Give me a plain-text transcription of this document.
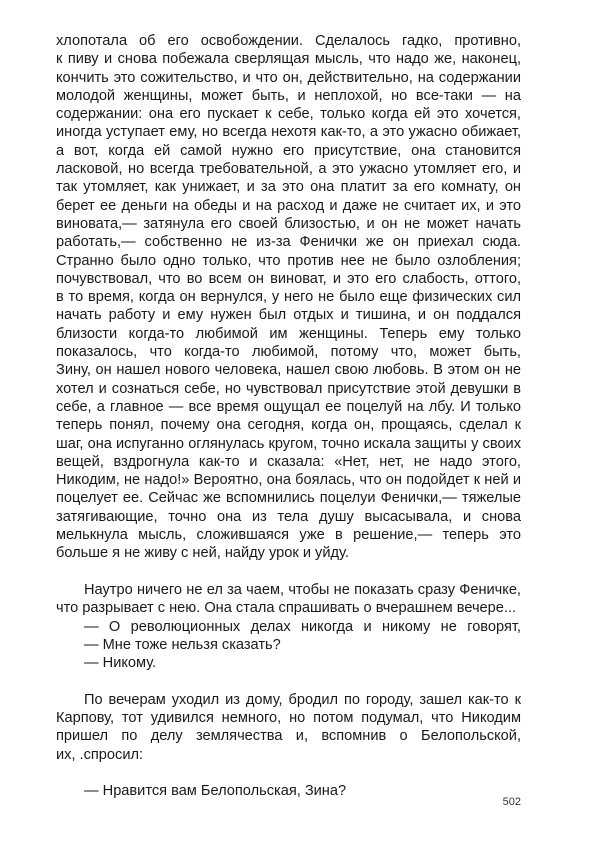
хлопотала об его освобождении. Сделалось гадко, противно,
к пиву и снова побежала сверлящая мысль, что надо же, наконец,
кончить это сожительство, и что он, действительно, на содержании
молодой женщины, может быть, и неплохой, но все-таки — на
содержании: она его пускает к себе, только когда ей это хочется,
иногда уступает ему, но всегда нехотя как-то, а это ужасно обижает,
а вот, когда ей самой нужно его присутствие, она становится
ласковой, но всегда требовательной, а это ужасно утомляет его, и
так утомляет, как унижает, и за это она платит за его комнату, он
берет ее деньги на обеды и на расход и даже не считает их, и это
виновата,— затянула его своей близостью, и он не может начать
работать,— собственно не из-за Фенички же он приехал сюда.
Странно было одно только, что против нее не было озлобления;
почувствовал, что во всем он виноват, и это его слабость, оттого,
в то время, когда он вернулся, у него не было еще физических сил
начать работу и ему нужен был отдых и тишина, и он поддался
близости когда-то любимой им женщины. Теперь ему только
показалось, что когда-то любимой, потому что, может быть,
Зину, он нашел нового человека, нашел свою любовь. В этом он не
хотел и сознаться себе, но чувствовал присутствие этой девушки в
себе, а главное — все время ощущал ее поцелуй на лбу. И только
теперь понял, почему она сегодня, когда он, прощаясь, сделал к
шаг, она испуганно оглянулась кругом, точно искала защиты у своих
вещей, вздрогнула как-то и сказала: «Нет, нет, не надо этого,
Никодим, не надо!» Вероятно, она боялась, что он подойдет к ней и
поцелует ее. Сейчас же вспомнились поцелуи Фенички,— тяжелые
затягивающие, точно она из тела душу высасывала, и снова
мелькнула мысль, сложившаяся уже в решение,— теперь это
больше я не живу с ней, найду урок и уйду.
Наутро ничего не ел за чаем, чтобы не показать сразу Феничке,
что разрывает с нею. Она стала спрашивать о вчерашнем вечере...
— О революционных делах никогда и никому не говорят,
— Мне тоже нельзя сказать?
— Никому.
По вечерам уходил из дому, бродил по городу, зашел как-то к
Карпову, тот удивился немного, но потом подумал, что Никодим
пришел по делу землячества и, вспомнив о Белопольской,
их, .спросил:
— Нравится вам Белопольская, Зина?
502
